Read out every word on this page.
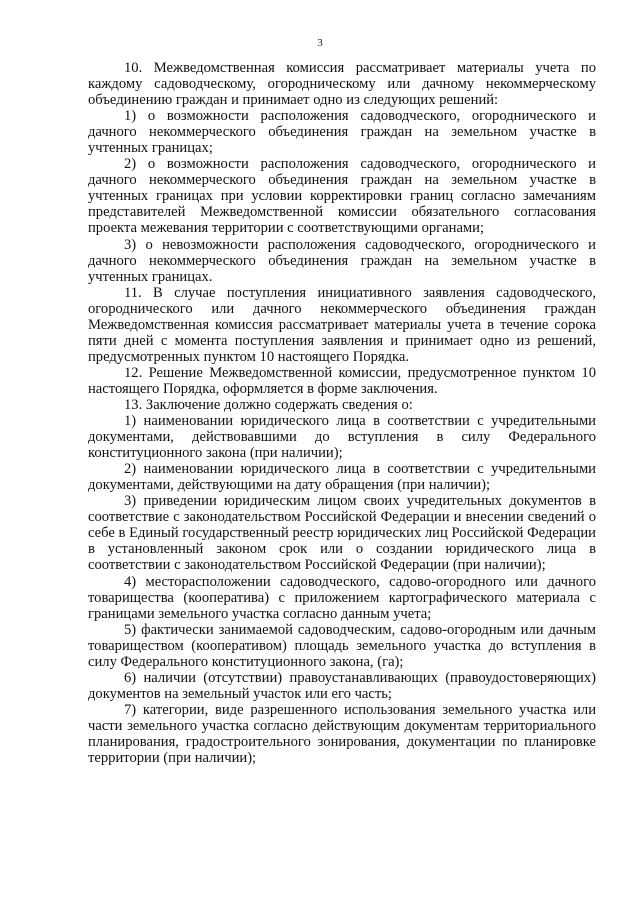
3

10. Межведомственная комиссия рассматривает материалы учета по каждому садоводческому, огородническому или дачному некоммерческому объединению граждан и принимает одно из следующих решений:

1) о возможности расположения садоводческого, огороднического и дачного некоммерческого объединения граждан на земельном участке в учтенных границах;

2) о возможности расположения садоводческого, огороднического и дачного некоммерческого объединения граждан на земельном участке в учтенных границах при условии корректировки границ согласно замечаниям представителей Межведомственной комиссии обязательного согласования проекта межевания территории с соответствующими органами;

3) о невозможности расположения садоводческого, огороднического и дачного некоммерческого объединения граждан на земельном участке в учтенных границах.

11. В случае поступления инициативного заявления садоводческого, огороднического или дачного некоммерческого объединения граждан Межведомственная комиссия рассматривает материалы учета в течение сорока пяти дней с момента поступления заявления и принимает одно из решений, предусмотренных пунктом 10 настоящего Порядка.

12. Решение Межведомственной комиссии, предусмотренное пунктом 10 настоящего Порядка, оформляется в форме заключения.

13. Заключение должно содержать сведения о:

1) наименовании юридического лица в соответствии с учредительными документами, действовавшими до вступления в силу Федерального конституционного закона (при наличии);

2) наименовании юридического лица в соответствии с учредительными документами, действующими на дату обращения (при наличии);

3) приведении юридическим лицом своих учредительных документов в соответствие с законодательством Российской Федерации и внесении сведений о себе в Единый государственный реестр юридических лиц Российской Федерации в установленный законом срок или о создании юридического лица в соответствии с законодательством Российской Федерации (при наличии);

4) месторасположении садоводческого, садово-огородного или дачного товарищества (кооператива) с приложением картографического материала с границами земельного участка согласно данным учета;

5) фактически занимаемой садоводческим, садово-огородным или дачным товариществом (кооперативом) площадь земельного участка до вступления в силу Федерального конституционного закона, (га);

6) наличии (отсутствии) правоустанавливающих (правоудостоверяющих) документов на земельный участок или его часть;

7) категории, виде разрешенного использования земельного участка или части земельного участка согласно действующим документам территориального планирования, градостроительного зонирования, документации по планировке территории (при наличии);
